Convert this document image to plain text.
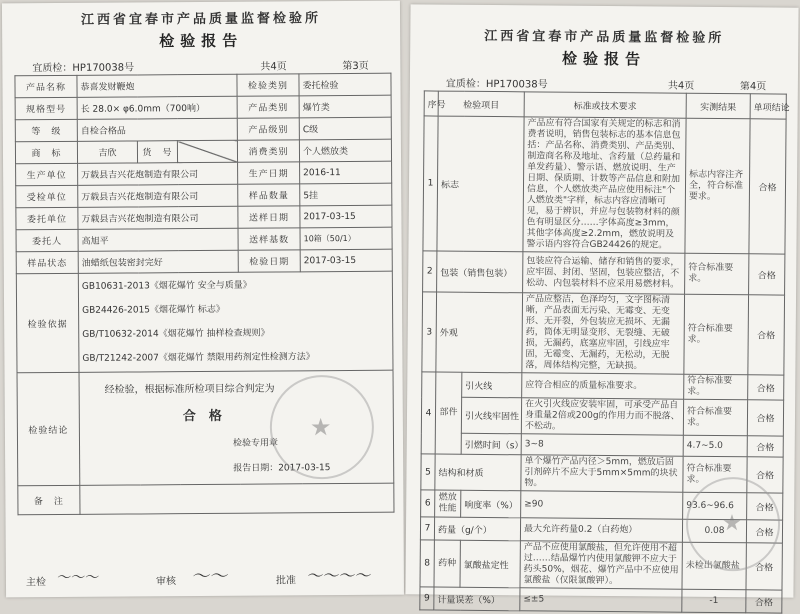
江西省宜春市产品质量监督检验所
检验报告
宜质检：HP170038号	共4页	第3页
产品名称	恭喜发财鞭炮			检验类别	委托检验
规格型号	长 28.0× φ6.0mm（700响）			产品类别	爆竹类
等　级	自检合格品			产品级别	C级
商　标	吉欣	货　号		消费类别	个人燃放类
生产单位	万载县吉兴花炮制造有限公司			生产日期	2016-11
受检单位	万载县吉兴花炮制造有限公司			样品数量	5挂
委托单位	万载县吉兴花炮制造有限公司			送样日期	2017-03-15
委托人	高旭平			送样基数	10箱（50/1）
样品状态	油蜡纸包装密封完好			检验日期	2017-03-15
检验依据	GB10631-2013《烟花爆竹 安全与质量》
GB24426-2015《烟花爆竹 标志》
GB/T10632-2014《烟花爆竹 抽样检查规则》
GB/T21242-2007《烟花爆竹 禁限用药剂定性检测方法》				

检验结论	经检验，根据标准所检项目综合判定为
合　格
检验专用章
报告日期：2017-03-15
★				

备　注					
主检 ～～～	审核 ～～	批准 ～～～～
江西省宜春市产品质量监督检验所
检验报告
宜质检：HP170038号	共4页	第4页
序号	检验项目		标准或技术要求	实测结果	单项结论
1	标志		产品应有符合国家有关规定的标志和消费者说明，销售包装标志的基本信息包括：产品名称、消费类别、产品类别、制造商名称及地址、含药量（总药量和单发药量）、警示语、燃放说明、生产日期、保质期、计数等产品信息和附加信息，个人燃放类产品应使用标注"个人燃放类"字样，标志内容应清晰可见，易于辨识，并应与包装物材料的颜色有明显区分……字体高度≥3mm，其他字体高度≥2.2mm，燃放说明及警示语内容符合GB24426的规定。	标志内容注齐全，符合标准要求。	合格
2	包装（销售包装）		包装应符合运输、储存和销售的要求，应牢固、封闭、坚固，包装应整洁，不松动、内包装材料不应采用易燃材料。	符合标准要求。	合格
3	外观		产品应整洁，色泽均匀，文字图标清晰，产品表面无污染、无霉变、无变形、无开裂，外包装应无损坏、无漏药，筒体无明显变形、无裂缝、无破损，无漏药，底塞应牢固，引线应牢固，无霉变、无漏药，无松动，无脱落，周体结构完整，无缺损。	符合标准要求。	合格
4	部件	引火线	应符合相应的质量标准要求。	符合标准要求。	合格
		引火线牢固性	在火引火线应安装牢固，可承受产品自身重量2倍或200g的作用力而不脱落、不松动。	符合标准要求。	合格
		引燃时间（s）	3~8	4.7~5.0	合格
5	结构和材质		单个爆竹产品内径＞5mm，燃放后固引剂碎片不应大于5mm×5mm的块状物。	符合标准要求。	合格
6	燃放性能	响度率（%）	≥90	93.6~96.6	合格
7	药量（g/个）		最大允许药量0.2（白药炮）	0.08	合格
8	药种	氯酸盐定性	产品不应使用氯酸盐，但允许使用不超过……结晶爆竹内使用氯酸钾不应大于药头50%，烟花、爆竹产品中不应使用氯酸盐（仅限氯酸钾）。	未检出氯酸盐	合格
9	计量误差（%）		≤±5	-1	合格
★
